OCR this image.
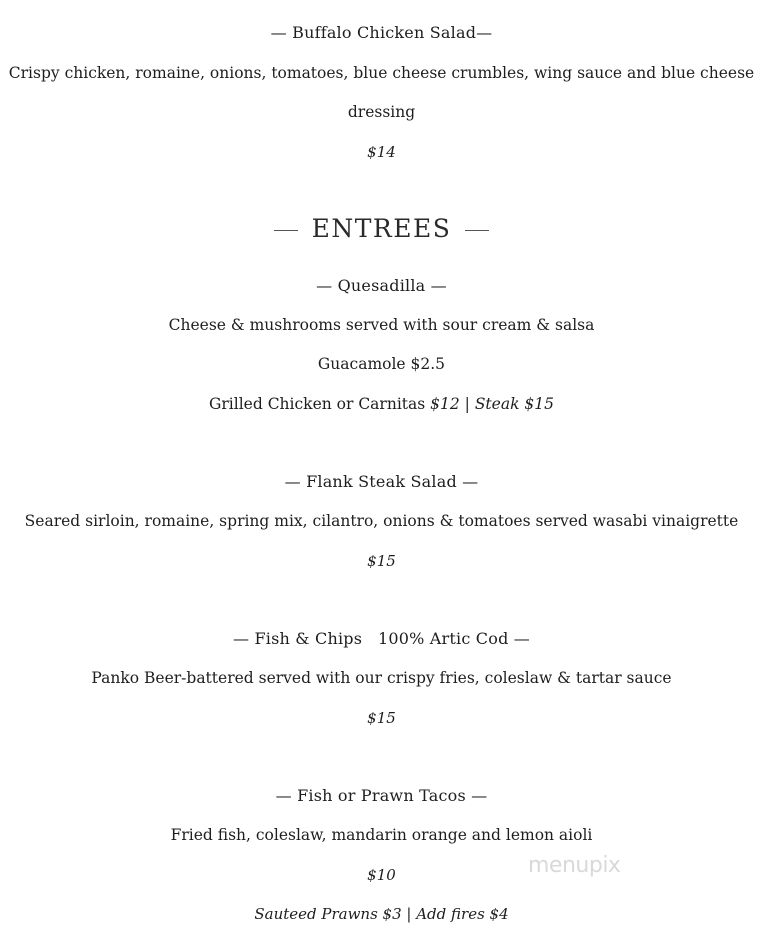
— Buffalo Chicken Salad—
Crispy chicken, romaine, onions, tomatoes, blue cheese crumbles, wing sauce and blue cheese
dressing
$14
ENTREES
— Quesadilla —
Cheese & mushrooms served with sour cream & salsa
Guacamole $2.5
Grilled Chicken or Carnitas $12 | Steak $15
— Flank Steak Salad —
Seared sirloin, romaine, spring mix, cilantro, onions & tomatoes served wasabi vinaigrette
$15
— Fish & Chips   100% Artic Cod —
Panko Beer-battered served with our crispy fries, coleslaw & tartar sauce
$15
— Fish or Prawn Tacos —
Fried fish, coleslaw, mandarin orange and lemon aioli
$10
Sauteed Prawns $3 | Add fires $4
menupix
